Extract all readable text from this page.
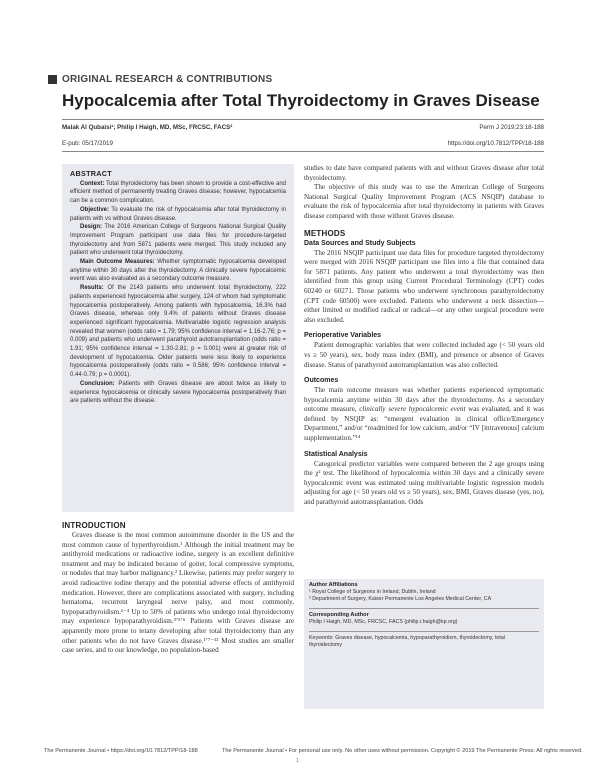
ORIGINAL RESEARCH & CONTRIBUTIONS
Hypocalcemia after Total Thyroidectomy in Graves Disease
Malak Al Qubaisi¹; Philip I Haigh, MD, MSc, FRCSC, FACS²	Perm J 2019;23:18-188
E-pub: 05/17/2019	https://doi.org/10.7812/TPP/18-188
ABSTRACT

Context: Total thyroidectomy has been shown to provide a cost-effective and efficient method of permanently treating Graves disease; however, hypocalcemia can be a common complication.

Objective: To evaluate the risk of hypocalcemia after total thyroidectomy in patients with vs without Graves disease.

Design: The 2016 American College of Surgeons National Surgical Quality Improvement Program participant use data files for procedure-targeted thyroidectomy and from 5871 patients were merged. This study included any patient who underwent total thyroidectomy.

Main Outcome Measures: Whether symptomatic hypocalcemia developed anytime within 30 days after the thyroidectomy. A clinically severe hypocalcemic event was also evaluated as a secondary outcome measure.

Results: Of the 2143 patients who underwent total thyroidectomy, 222 patients experienced hypocalcemia after surgery, 124 of whom had symptomatic hypocalcemia postoperatively. Among patients with hypocalcemia, 16.3% had Graves disease, whereas only 9.4% of patients without Graves disease experienced significant hypocalcemia. Multivariable logistic regression analysis revealed that women (odds ratio = 1.79; 95% confidence interval = 1.16-2.76; p = 0.009) and patients who underwent parathyroid autotransplantation (odds ratio = 1.91; 95% confidence interval = 1.30-2.81; p = 0.001) were at greater risk of development of hypocalcemia. Older patients were less likely to experience hypocalcemia postoperatively (odds ratio = 0.586; 95% confidence interval = 0.44-0.79; p = 0.0001).

Conclusion: Patients with Graves disease are about twice as likely to experience hypocalcemia or clinically severe hypocalcemia postoperatively than are patients without the disease.

INTRODUCTION

Graves disease is the most common autoimmune disorder in the US and the most common cause of hyperthyroidism.¹ Although the initial treatment may be antithyroid medications or radioactive iodine, surgery is an excellent definitive treatment and may be indicated because of goiter, local compressive symptoms, or nodules that may harbor malignancy.² Likewise, patients may prefer surgery to avoid radioactive iodine therapy and the potential adverse effects of antithyroid medication. However, there are complications associated with surgery, including hematoma, recurrent laryngeal nerve palsy, and most commonly, hypoparathyroidism.²⁻⁴ Up to 50% of patients who undergo total thyroidectomy may experience hypoparathyroidism.³ʼ⁵ʼ⁶ Patients with Graves disease are apparently more prone to tetany developing after total thyroidectomy than any other patients who do not have Graves disease.¹ʼ⁷⁻¹³ Most studies are smaller case series, and to our knowledge, no population-based

studies to date have compared patients with and without Graves disease after total thyroidectomy.

The objective of this study was to use the American College of Surgeons National Surgical Quality Improvement Program (ACS NSQIP) database to evaluate the risk of hypocalcemia after total thyroidectomy in patients with Graves disease compared with those without Graves disease.

METHODS
Data Sources and Study Subjects

The 2016 NSQIP participant use data files for procedure targeted thyroidectomy were merged with 2016 NSQIP participant use files into a file that contained data for 5871 patients. Any patient who underwent a total thyroidectomy was then identified from this group using Current Procedural Terminology (CPT) codes 60240 or 60271. Those patients who underwent synchronous parathyroidectomy (CPT code 60500) were excluded. Patients who underwent a neck dissection—either limited or modified radical or radical—or any other surgical procedure were also excluded.

Perioperative Variables

Patient demographic variables that were collected included age (< 50 years old vs ≥ 50 years), sex, body mass index (BMI), and presence or absence of Graves disease. Status of parathyroid autotransplantation was also collected.

Outcomes

The main outcome measure was whether patients experienced symptomatic hypocalcemia anytime within 30 days after the thyroidectomy. As a secondary outcome measure, clinically severe hypocalcemic event was evaluated, and it was defined by NSQIP as: “emergent evaluation in clinical office/Emergency Department,” and/or “readmitted for low calcium, and/or “IV [intravenous] calcium supplementation.”¹⁴

Statistical Analysis

Categorical predictor variables were compared between the 2 age groups using the χ² test. The likelihood of hypocalcemia within 30 days and a clinically severe hypocalcemic event was estimated using multivariable logistic regression models adjusting for age (< 50 years old vs ≥ 50 years), sex, BMI, Graves disease (yes, no), and parathyroid autotransplantation. Odds

Author Affiliations
¹ Royal College of Surgeons in Ireland, Dublin, Ireland
² Department of Surgery, Kaiser Permanente Los Angeles Medical Center, CA
Corresponding Author
Philip I Haigh, MD, MSc, FRCSC, FACS (philip.i.haigh@kp.org)
Keywords: Graves disease, hypocalcemia, hypoparathyroidism, thyroidectomy, total thyroidectomy
The Permanente Journal • https://doi.org/10.7812/TPP/18-188	The Permanente Journal • For personal use only. No other uses without permission. Copyright © 2019 The Permanente Press. All rights reserved.
1
